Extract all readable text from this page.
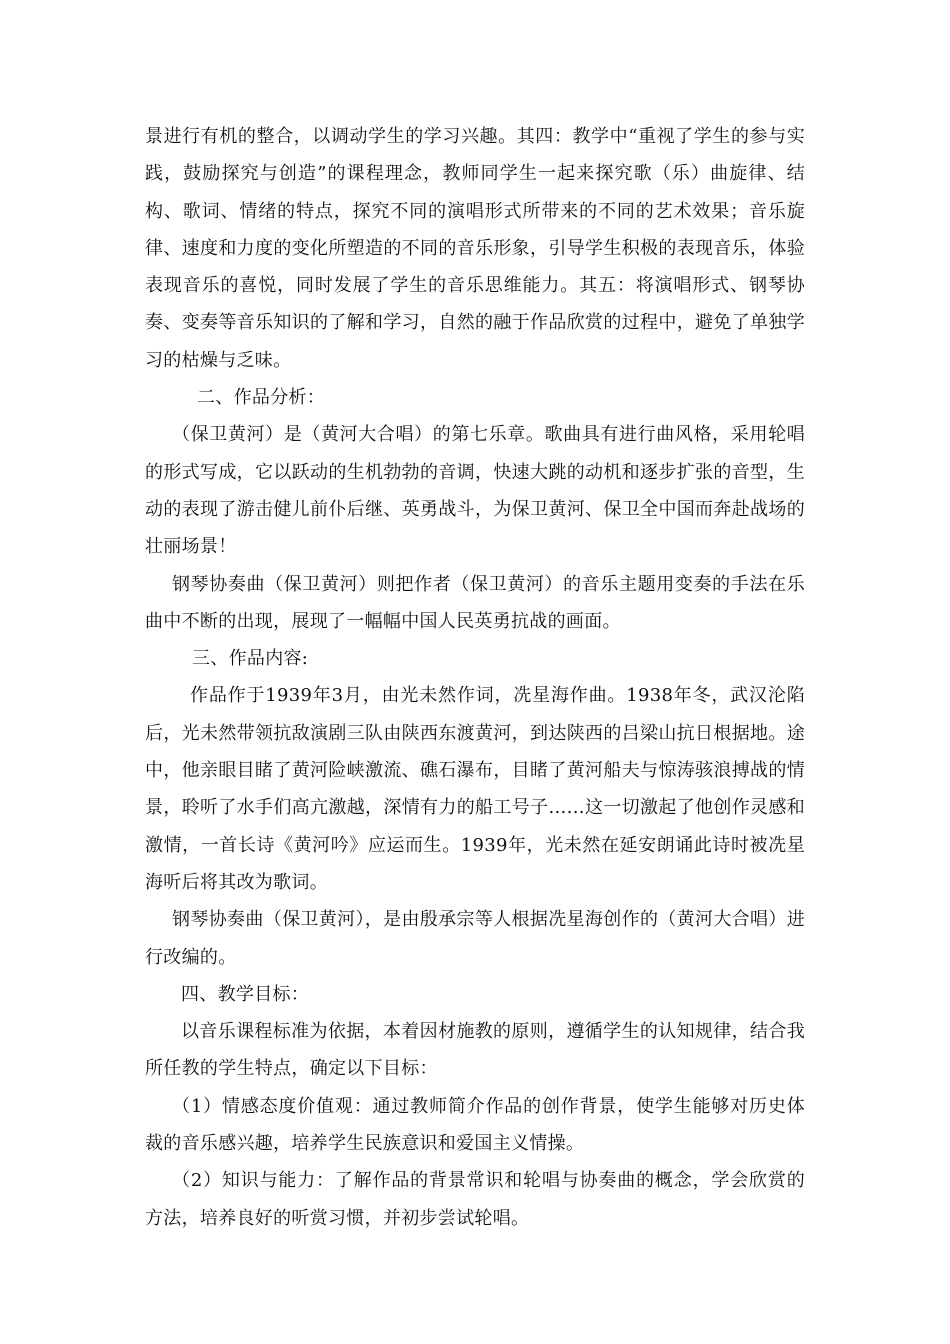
景进行有机的整合，以调动学生的学习兴趣。其四：教学中“重视了学生的参与实践，鼓励探究与创造”的课程理念，教师同学生一起来探究歌（乐）曲旋律、结构、歌词、情绪的特点，探究不同的演唱形式所带来的不同的艺术效果；音乐旋律、速度和力度的变化所塑造的不同的音乐形象，引导学生积极的表现音乐，体验表现音乐的喜悦，同时发展了学生的音乐思维能力。其五：将演唱形式、钢琴协奏、变奏等音乐知识的了解和学习，自然的融于作品欣赏的过程中，避免了单独学习的枯燥与乏味。

二、作品分析：

（保卫黄河）是（黄河大合唱）的第七乐章。歌曲具有进行曲风格，采用轮唱的形式写成，它以跃动的生机勃勃的音调，快速大跳的动机和逐步扩张的音型，生动的表现了游击健儿前仆后继、英勇战斗，为保卫黄河、保卫全中国而奔赴战场的壮丽场景！

钢琴协奏曲（保卫黄河）则把作者（保卫黄河）的音乐主题用变奏的手法在乐曲中不断的出现，展现了一幅幅中国人民英勇抗战的画面。

三、作品内容:

作品作于1939年3月，由光未然作词，冼星海作曲。1938年冬，武汉沦陷后，光未然带领抗敌演剧三队由陕西东渡黄河，到达陕西的吕梁山抗日根据地。途中，他亲眼目睹了黄河险峡激流、礁石瀑布，目睹了黄河船夫与惊涛骇浪搏战的情景，聆听了水手们高亢激越，深情有力的船工号子……这一切激起了他创作灵感和激情，一首长诗《黄河吟》应运而生。1939年，光未然在延安朗诵此诗时被冼星海听后将其改为歌词。

钢琴协奏曲（保卫黄河），是由殷承宗等人根据冼星海创作的（黄河大合唱）进行改编的。

四、教学目标：

以音乐课程标准为依据，本着因材施教的原则，遵循学生的认知规律，结合我所任教的学生特点，确定以下目标：

（1）情感态度价值观：通过教师简介作品的创作背景，使学生能够对历史体裁的音乐感兴趣，培养学生民族意识和爱国主义情操。

（2）知识与能力：了解作品的背景常识和轮唱与协奏曲的概念，学会欣赏的方法，培养良好的听赏习惯，并初步尝试轮唱。
